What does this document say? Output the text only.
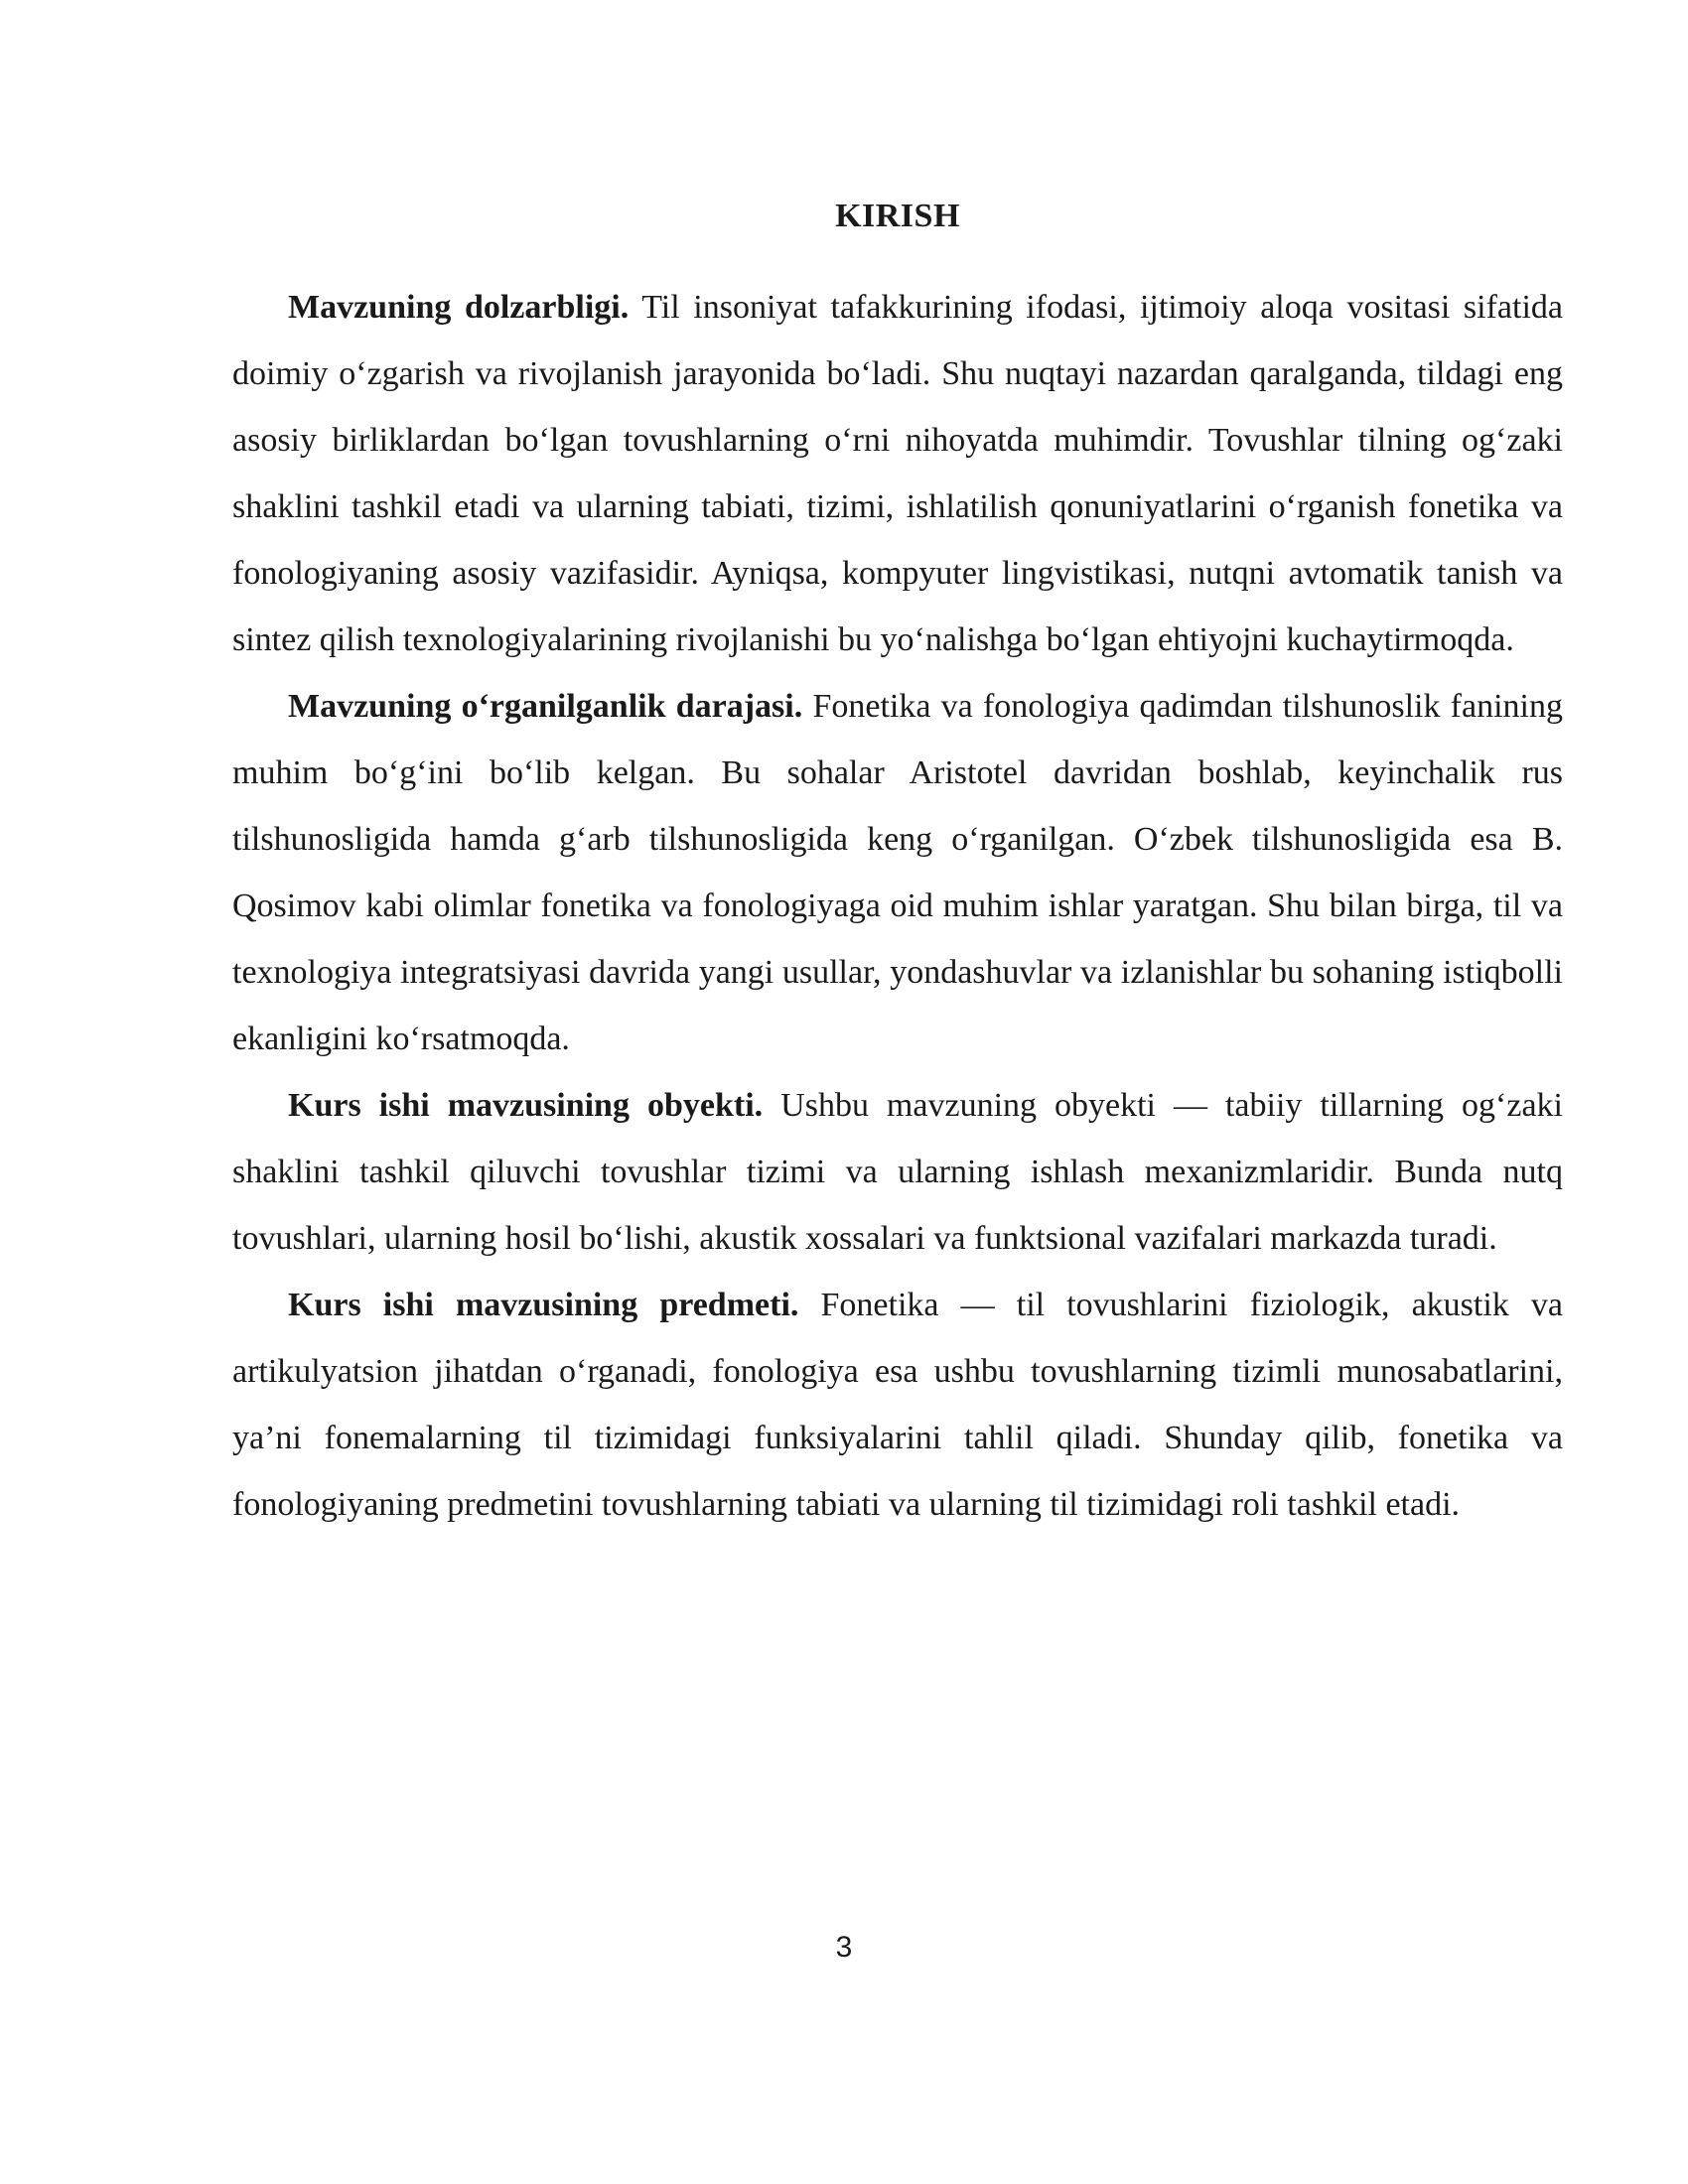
KIRISH

Mavzuning dolzarbligi. Til insoniyat tafakkurining ifodasi, ijtimoiy aloqa vositasi sifatida doimiy o‘zgarish va rivojlanish jarayonida bo‘ladi. Shu nuqtayi nazardan qaralganda, tildagi eng asosiy birliklardan bo‘lgan tovushlarning o‘rni nihoyatda muhimdir. Tovushlar tilning og‘zaki shaklini tashkil etadi va ularning tabiati, tizimi, ishlatilish qonuniyatlarini o‘rganish fonetika va fonologiyaning asosiy vazifasidir. Ayniqsa, kompyuter lingvistikasi, nutqni avtomatik tanish va sintez qilish texnologiyalarining rivojlanishi bu yo‘nalishga bo‘lgan ehtiyojni kuchaytirmoqda.

Mavzuning o‘rganilganlik darajasi. Fonetika va fonologiya qadimdan tilshunoslik fanining muhim bo‘g‘ini bo‘lib kelgan. Bu sohalar Aristotel davridan boshlab, keyinchalik rus tilshunosligida hamda g‘arb tilshunosligida keng o‘rganilgan. O‘zbek tilshunosligida esa B. Qosimov kabi olimlar fonetika va fonologiyaga oid muhim ishlar yaratgan. Shu bilan birga, til va texnologiya integratsiyasi davrida yangi usullar, yondashuvlar va izlanishlar bu sohaning istiqbolli ekanligini ko‘rsatmoqda.

Kurs ishi mavzusining obyekti. Ushbu mavzuning obyekti — tabiiy tillarning og‘zaki shaklini tashkil qiluvchi tovushlar tizimi va ularning ishlash mexanizmlaridir. Bunda nutq tovushlari, ularning hosil bo‘lishi, akustik xossalari va funktsional vazifalari markazda turadi.

Kurs ishi mavzusining predmeti. Fonetika — til tovushlarini fiziologik, akustik va artikulyatsion jihatdan o‘rganadi, fonologiya esa ushbu tovushlarning tizimli munosabatlarini, ya’ni fonemalarning til tizimidagi funksiyalarini tahlil qiladi. Shunday qilib, fonetika va fonologiyaning predmetini tovushlarning tabiati va ularning til tizimidagi roli tashkil etadi.

3
